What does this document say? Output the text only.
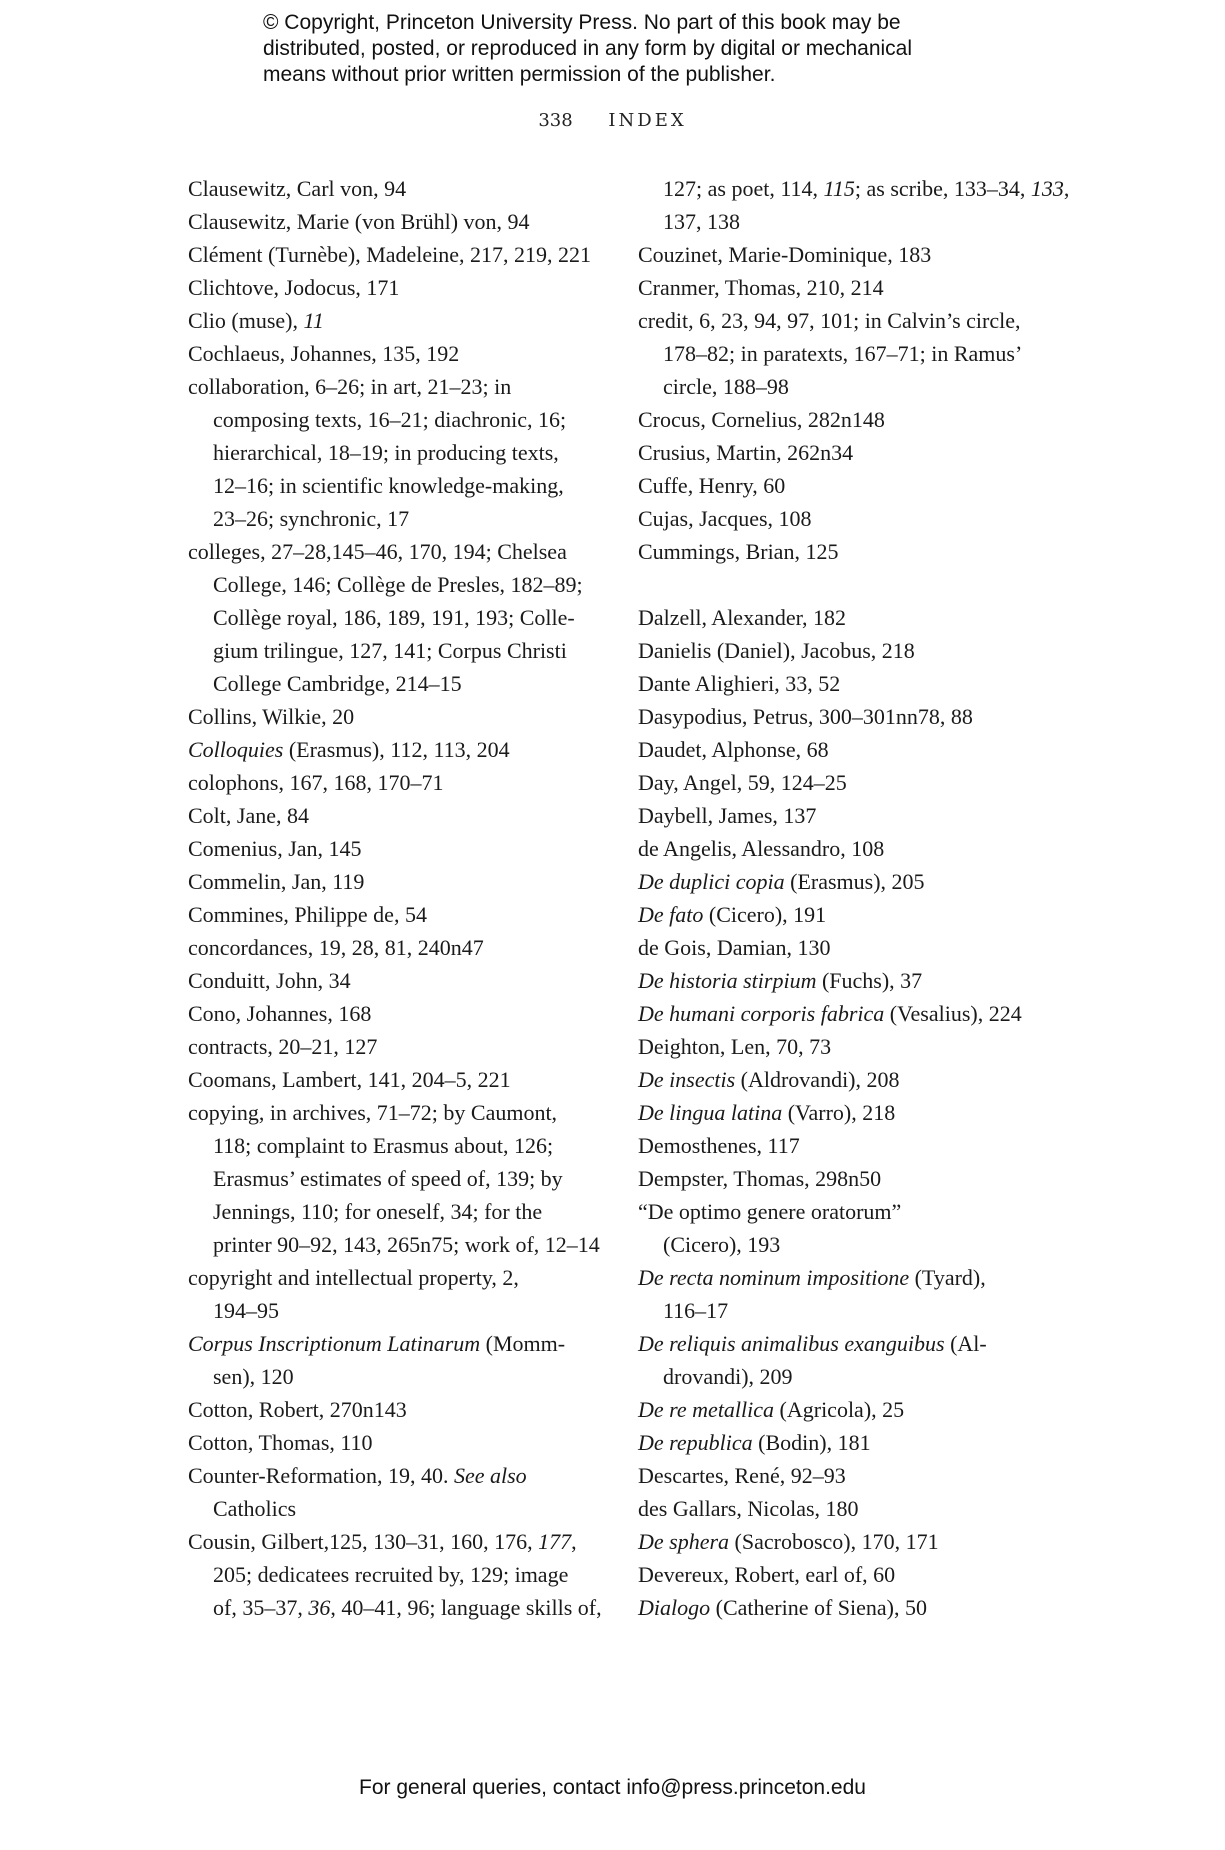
© Copyright, Princeton University Press. No part of this book may be
distributed, posted, or reproduced in any form by digital or mechanical
means without prior written permission of the publisher.
338 INDEX
Clausewitz, Carl von, 94
Clausewitz, Marie (von Brühl) von, 94
Clément (Turnèbe), Madeleine, 217, 219, 221
Clichtove, Jodocus, 171
Clio (muse), 11
Cochlaeus, Johannes, 135, 192
collaboration, 6–26; in art, 21–23; in
composing texts, 16–21; diachronic, 16;
hierarchical, 18–19; in producing texts,
12–16; in scientific knowledge-making,
23–26; synchronic, 17
colleges, 27–28,145–46, 170, 194; Chelsea
College, 146; Collège de Presles, 182–89;
Collège royal, 186, 189, 191, 193; Colle-
gium trilingue, 127, 141; Corpus Christi
College Cambridge, 214–15
Collins, Wilkie, 20
Colloquies (Erasmus), 112, 113, 204
colophons, 167, 168, 170–71
Colt, Jane, 84
Comenius, Jan, 145
Commelin, Jan, 119
Commines, Philippe de, 54
concordances, 19, 28, 81, 240n47
Conduitt, John, 34
Cono, Johannes, 168
contracts, 20–21, 127
Coomans, Lambert, 141, 204–5, 221
copying, in archives, 71–72; by Caumont,
118; complaint to Erasmus about, 126;
Erasmus’ estimates of speed of, 139; by
Jennings, 110; for oneself, 34; for the
printer 90–92, 143, 265n75; work of, 12–14
copyright and intellectual property, 2,
194–95
Corpus Inscriptionum Latinarum (Momm-
sen), 120
Cotton, Robert, 270n143
Cotton, Thomas, 110
Counter-Reformation, 19, 40. See also
Catholics
Cousin, Gilbert,125, 130–31, 160, 176, 177,
205; dedicatees recruited by, 129; image
of, 35–37, 36, 40–41, 96; language skills of,
127; as poet, 114, 115; as scribe, 133–34, 133,
137, 138
Couzinet, Marie-Dominique, 183
Cranmer, Thomas, 210, 214
credit, 6, 23, 94, 97, 101; in Calvin’s circle,
178–82; in paratexts, 167–71; in Ramus’
circle, 188–98
Crocus, Cornelius, 282n148
Crusius, Martin, 262n34
Cuffe, Henry, 60
Cujas, Jacques, 108
Cummings, Brian, 125
Dalzell, Alexander, 182
Danielis (Daniel), Jacobus, 218
Dante Alighieri, 33, 52
Dasypodius, Petrus, 300–301nn78, 88
Daudet, Alphonse, 68
Day, Angel, 59, 124–25
Daybell, James, 137
de Angelis, Alessandro, 108
De duplici copia (Erasmus), 205
De fato (Cicero), 191
de Gois, Damian, 130
De historia stirpium (Fuchs), 37
De humani corporis fabrica (Vesalius), 224
Deighton, Len, 70, 73
De insectis (Aldrovandi), 208
De lingua latina (Varro), 218
Demosthenes, 117
Dempster, Thomas, 298n50
“De optimo genere oratorum”
(Cicero), 193
De recta nominum impositione (Tyard),
116–17
De reliquis animalibus exanguibus (Al-
drovandi), 209
De re metallica (Agricola), 25
De republica (Bodin), 181
Descartes, René, 92–93
des Gallars, Nicolas, 180
De sphera (Sacrobosco), 170, 171
Devereux, Robert, earl of, 60
Dialogo (Catherine of Siena), 50
For general queries, contact info@press.princeton.edu
